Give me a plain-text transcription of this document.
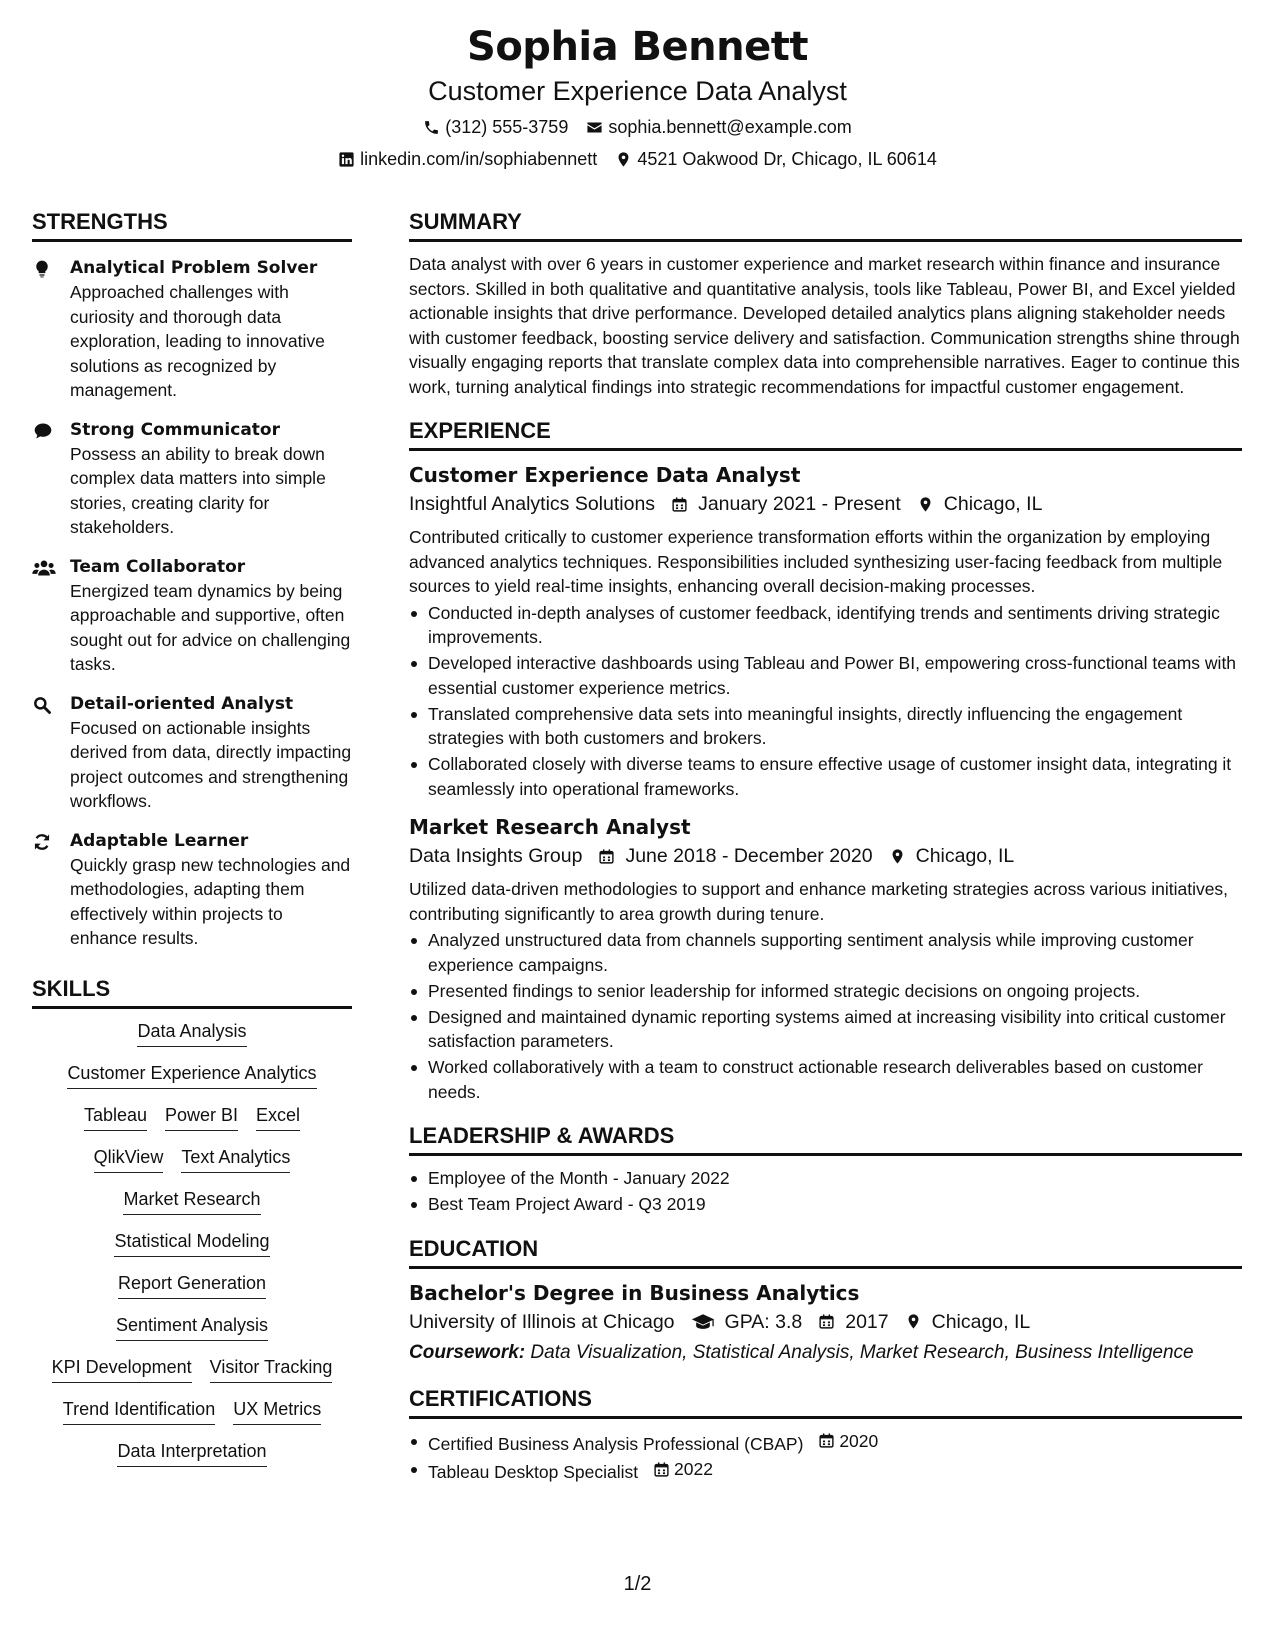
Sophia Bennett
Customer Experience Data Analyst
(312) 555-3759 sophia.bennett@example.com
linkedin.com/in/sophiabennett 4521 Oakwood Dr, Chicago, IL 60614
STRENGTHS
Analytical Problem Solver
Approached challenges with curiosity and thorough data exploration, leading to innovative solutions as recognized by management.
Strong Communicator
Possess an ability to break down complex data matters into simple stories, creating clarity for stakeholders.
Team Collaborator
Energized team dynamics by being approachable and supportive, often sought out for advice on challenging tasks.
Detail-oriented Analyst
Focused on actionable insights derived from data, directly impacting project outcomes and strengthening workflows.
Adaptable Learner
Quickly grasp new technologies and methodologies, adapting them effectively within projects to enhance results.
SKILLS
Data Analysis
Customer Experience Analytics
Tableau Power BI Excel
QlikView Text Analytics
Market Research
Statistical Modeling
Report Generation
Sentiment Analysis
KPI Development Visitor Tracking
Trend Identification UX Metrics
Data Interpretation
SUMMARY
Data analyst with over 6 years in customer experience and market research within finance and insurance sectors. Skilled in both qualitative and quantitative analysis, tools like Tableau, Power BI, and Excel yielded actionable insights that drive performance. Developed detailed analytics plans aligning stakeholder needs with customer feedback, boosting service delivery and satisfaction. Communication strengths shine through visually engaging reports that translate complex data into comprehensible narratives. Eager to continue this work, turning analytical findings into strategic recommendations for impactful customer engagement.
EXPERIENCE
Customer Experience Data Analyst
Insightful Analytics Solutions January 2021 - Present Chicago, IL
Contributed critically to customer experience transformation efforts within the organization by employing advanced analytics techniques. Responsibilities included synthesizing user-facing feedback from multiple sources to yield real-time insights, enhancing overall decision-making processes.
Conducted in-depth analyses of customer feedback, identifying trends and sentiments driving strategic improvements.
Developed interactive dashboards using Tableau and Power BI, empowering cross-functional teams with essential customer experience metrics.
Translated comprehensive data sets into meaningful insights, directly influencing the engagement strategies with both customers and brokers.
Collaborated closely with diverse teams to ensure effective usage of customer insight data, integrating it seamlessly into operational frameworks.
Market Research Analyst
Data Insights Group June 2018 - December 2020 Chicago, IL
Utilized data-driven methodologies to support and enhance marketing strategies across various initiatives, contributing significantly to area growth during tenure.
Analyzed unstructured data from channels supporting sentiment analysis while improving customer experience campaigns.
Presented findings to senior leadership for informed strategic decisions on ongoing projects.
Designed and maintained dynamic reporting systems aimed at increasing visibility into critical customer satisfaction parameters.
Worked collaboratively with a team to construct actionable research deliverables based on customer needs.
LEADERSHIP & AWARDS
Employee of the Month - January 2022
Best Team Project Award - Q3 2019
EDUCATION
Bachelor's Degree in Business Analytics
University of Illinois at Chicago	GPA: 3.8 2017 Chicago, IL
Coursework: Data Visualization, Statistical Analysis, Market Research, Business Intelligence
CERTIFICATIONS
Certified Business Analysis Professional (CBAP) 2020
Tableau Desktop Specialist 2022
1/2
